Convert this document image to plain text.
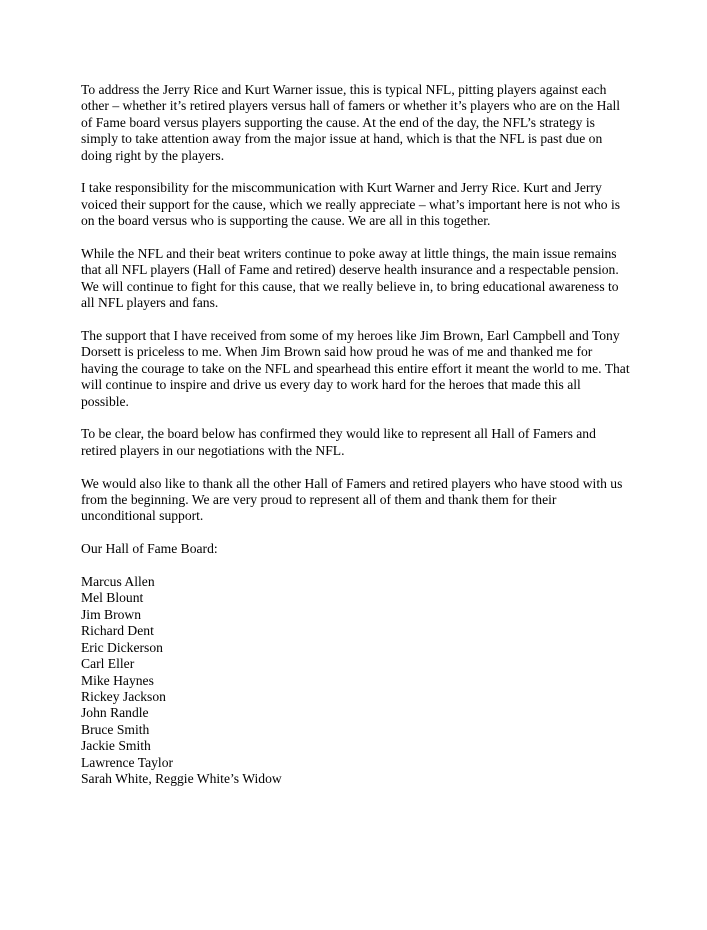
To address the Jerry Rice and Kurt Warner issue, this is typical NFL, pitting players against each other – whether it’s retired players versus hall of famers or whether it’s players who are on the Hall of Fame board versus players supporting the cause. At the end of the day, the NFL’s strategy is simply to take attention away from the major issue at hand, which is that the NFL is past due on doing right by the players.

I take responsibility for the miscommunication with Kurt Warner and Jerry Rice. Kurt and Jerry voiced their support for the cause, which we really appreciate – what’s important here is not who is on the board versus who is supporting the cause. We are all in this together.

While the NFL and their beat writers continue to poke away at little things, the main issue remains that all NFL players (Hall of Fame and retired) deserve health insurance and a respectable pension. We will continue to fight for this cause, that we really believe in, to bring educational awareness to all NFL players and fans.

The support that I have received from some of my heroes like Jim Brown, Earl Campbell and Tony Dorsett is priceless to me. When Jim Brown said how proud he was of me and thanked me for having the courage to take on the NFL and spearhead this entire effort it meant the world to me. That will continue to inspire and drive us every day to work hard for the heroes that made this all possible.

To be clear, the board below has confirmed they would like to represent all Hall of Famers and retired players in our negotiations with the NFL.

We would also like to thank all the other Hall of Famers and retired players who have stood with us from the beginning. We are very proud to represent all of them and thank them for their unconditional support.

Our Hall of Fame Board:

Marcus Allen
Mel Blount
Jim Brown
Richard Dent
Eric Dickerson
Carl Eller
Mike Haynes
Rickey Jackson
John Randle
Bruce Smith
Jackie Smith
Lawrence Taylor
Sarah White, Reggie White’s Widow
